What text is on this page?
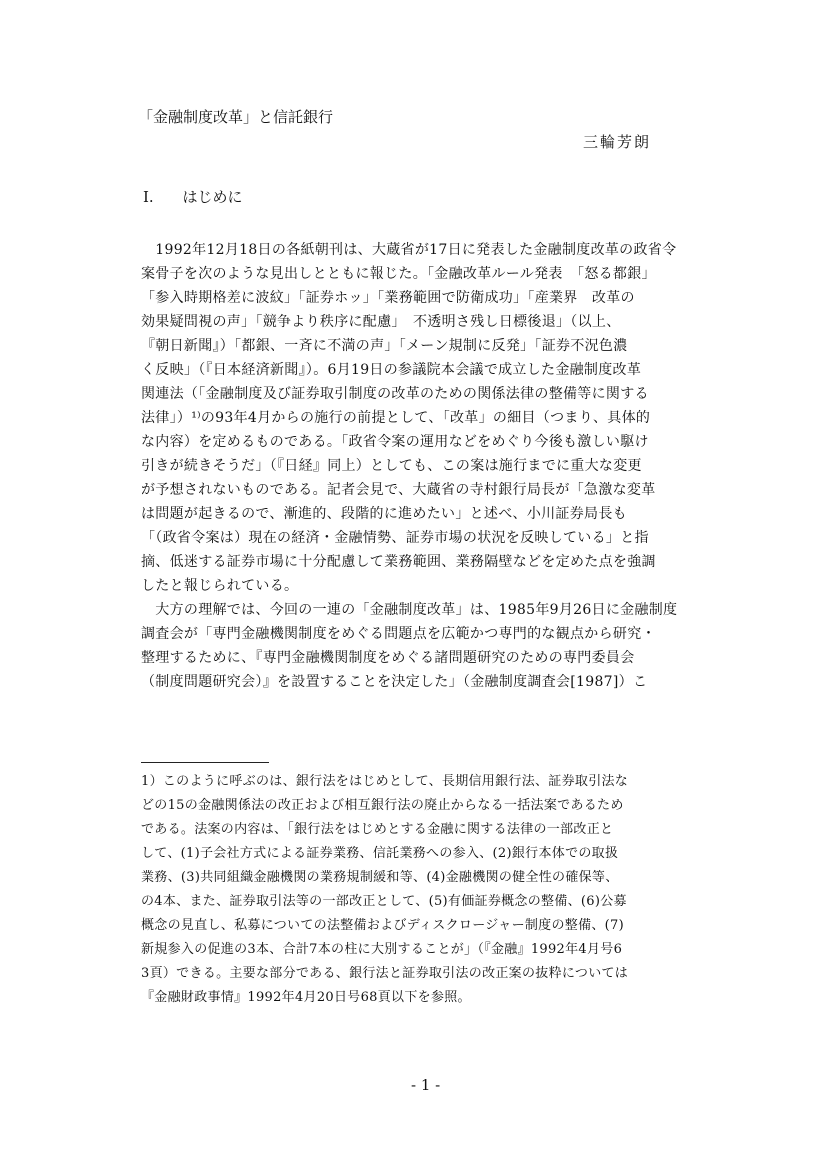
「金融制度改革」と信託銀行
三輪芳朗
I. はじめに
　1992年12月18日の各紙朝刊は、大蔵省が17日に発表した金融制度改革の政省令
案骨子を次のような見出しとともに報じた。「金融改革ルール発表　「怒る都銀」
「参入時期格差に波紋」「証券ホッ」「業務範囲で防衛成功」「産業界　改革の
効果疑問視の声」「競争より秩序に配慮」　不透明さ残し日標後退」（以上、
『朝日新聞』）「都銀、一斉に不満の声」「メーン規制に反発」「証券不況色濃
く反映」（『日本経済新聞』）。6月19日の参議院本会議で成立した金融制度改革
関連法（「金融制度及び証券取引制度の改革のための関係法律の整備等に関する
法律」）¹⁾の93年4月からの施行の前提として、「改革」の細目（つまり、具体的
な内容）を定めるものである。「政省令案の運用などをめぐり今後も激しい駆け
引きが続きそうだ」（『日経』同上）としても、この案は施行までに重大な変更
が予想されないものである。記者会見で、大蔵省の寺村銀行局長が「急激な変革
は問題が起きるので、漸進的、段階的に進めたい」と述べ、小川証券局長も
「（政省令案は）現在の経済・金融情勢、証券市場の状況を反映している」と指
摘、低迷する証券市場に十分配慮して業務範囲、業務隔壁などを定めた点を強調
したと報じられている。
　大方の理解では、今回の一連の「金融制度改革」は、1985年9月26日に金融制度
調査会が「専門金融機関制度をめぐる問題点を広範かつ専門的な観点から研究・
整理するために、『専門金融機関制度をめぐる諸問題研究のための専門委員会
（制度問題研究会）』を設置することを決定した」（金融制度調査会[1987]）こ
1）このように呼ぶのは、銀行法をはじめとして、長期信用銀行法、証券取引法な
どの15の金融関係法の改正および相互銀行法の廃止からなる一括法案であるため
である。法案の内容は、「銀行法をはじめとする金融に関する法律の一部改正と
して、(1)子会社方式による証券業務、信託業務への参入、(2)銀行本体での取扱
業務、(3)共同組織金融機関の業務規制緩和等、(4)金融機関の健全性の確保等、
の4本、また、証券取引法等の一部改正として、(5)有価証券概念の整備、(6)公募
概念の見直し、私募についての法整備およびディスクロージャー制度の整備、(7)
新規参入の促進の3本、合計7本の柱に大別することが」（『金融』1992年4月号6
3頁）できる。主要な部分である、銀行法と証券取引法の改正案の抜粋については
『金融財政事情』1992年4月20日号68頁以下を参照。
- 1 -
